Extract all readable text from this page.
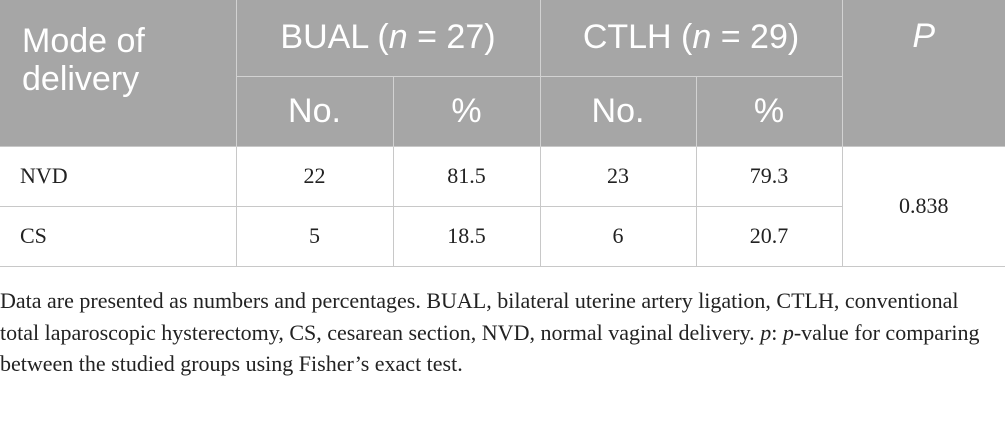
Mode of delivery	BUAL (n = 27)		CTLH (n = 29)		P
	No.	%	No.	%	
NVD	22	81.5	23	79.3	0.838
CS	5	18.5	6	20.7	

Data are presented as numbers and percentages. BUAL, bilateral uterine artery ligation, CTLH, conventional total laparoscopic hysterectomy, CS, cesarean section, NVD, normal vaginal delivery. p: p-value for comparing between the studied groups using Fisher’s exact test.
